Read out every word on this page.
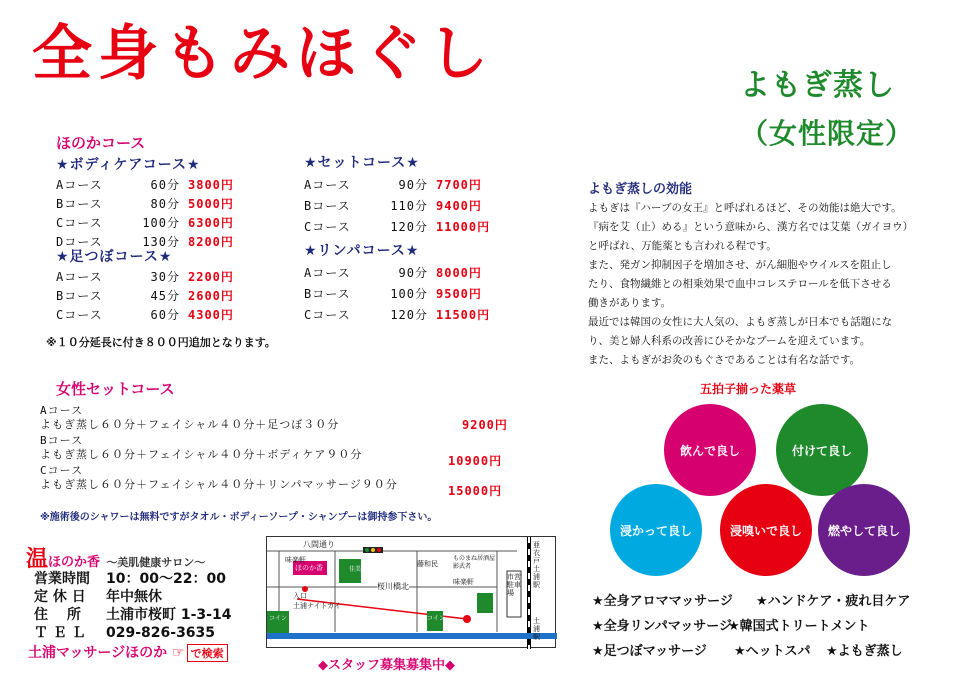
全身もみほぐし	よもぎ蒸し
（女性限定）
ほのかコース
★ボディケアコース★
Aコース	60分 3800円
Bコース	80分 5000円
Cコース	100分 6300円
Dコース	130分 8200円
★足つぼコース★
Aコース	30分 2200円
Bコース	45分 2600円
Cコース	60分 4300円
★セットコース★
Aコース	90分 7700円
Bコース	110分 9400円
Cコース	120分 11000円
★リンパコース★
Aコース	90分 8000円
Bコース	100分 9500円
Cコース	120分 11500円
※１０分延長に付き８００円追加となります。
女性セットコース
Aコース
よもぎ蒸し６０分＋フェイシャル４０分＋足つぼ３０分	9200円
Bコース
よもぎ蒸し６０分＋フェイシャル４０分＋ボディケア９０分	10900円
Cコース
よもぎ蒸し６０分＋フェイシャル４０分＋リンパマッサージ９０分	15000円
※施術後のシャワーは無料ですがタオル・ボディーソープ・シャンプーは御持参下さい。
温ほのか香 ～美肌健康サロン～
営業時間 10：00～22：00
定 休 日 年中無休
住　 所 土浦市桜町 1-3-14
Ｔ Ｅ Ｌ 029-826-3635
土浦マッサージほのか ☞ で検索
◆スタッフ募集募集中◆
八間通り
佳美第６コイン
ほのか香
味楽軒
入口
土浦ナイトガイ
藤和民
ものまね居酒屋 影武者
味楽軒
桜川橋北
コイン	コイン
市営駐車場
亜衣戸
土浦駅
土浦駅
よもぎ蒸しの効能
よもぎは『ハーブの女王』と呼ばれるほど、その効能は絶大です。
『病を艾（止）める』という意味から、漢方名では艾葉（ガイヨウ）
と呼ばれ、万能薬とも言われる程です。
また、発ガン抑制因子を増加させ、がん細胞やウイルスを阻止し
たり、食物繊維との相乗効果で血中コレステロールを低下させる
働きがあります。
最近では韓国の女性に大人気の、よもぎ蒸しが日本でも話題にな
り、美と婦人科系の改善にひそかなブームを迎えています。
また、よもぎがお灸のもぐさであることは有名な話です。
五拍子揃った薬草
飲んで良し	付けて良し
浸かって良し	浸嗅いで良し	燃やして良し
★全身アロママッサージ ★ハンドケア・疲れ目ケア
★全身リンパマッサージ
★韓国式トリートメント
★足つぼマッサージ ★ヘットスパ ★よもぎ蒸し
